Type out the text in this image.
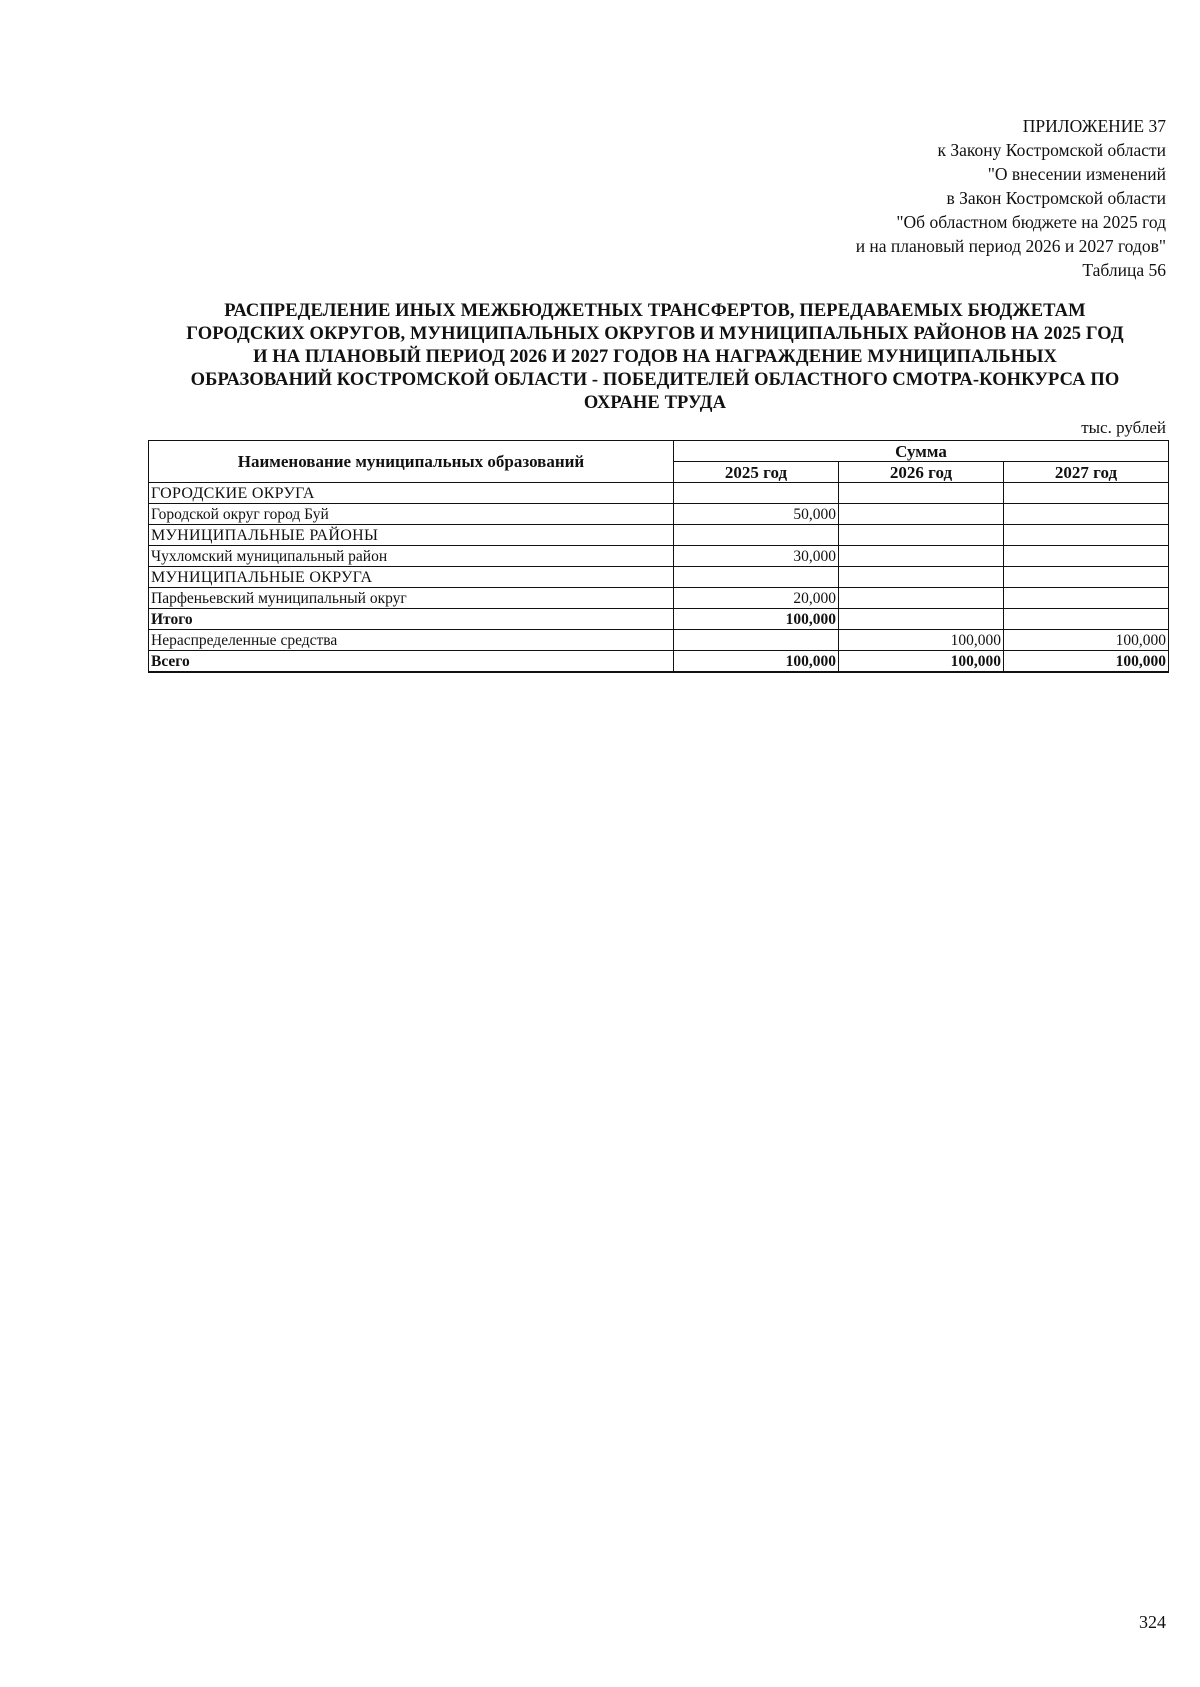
ПРИЛОЖЕНИЕ 37
к Закону Костромской области
"О внесении изменений
в Закон Костромской области
"Об областном бюджете на 2025 год
и на плановый период 2026 и 2027 годов"
Таблица 56
РАСПРЕДЕЛЕНИЕ ИНЫХ МЕЖБЮДЖЕТНЫХ ТРАНСФЕРТОВ, ПЕРЕДАВАЕМЫХ БЮДЖЕТАМ
ГОРОДСКИХ ОКРУГОВ, МУНИЦИПАЛЬНЫХ ОКРУГОВ И МУНИЦИПАЛЬНЫХ РАЙОНОВ НА 2025 ГОД
И НА ПЛАНОВЫЙ ПЕРИОД 2026 И 2027 ГОДОВ НА НАГРАЖДЕНИЕ МУНИЦИПАЛЬНЫХ
ОБРАЗОВАНИЙ КОСТРОМСКОЙ ОБЛАСТИ - ПОБЕДИТЕЛЕЙ ОБЛАСТНОГО СМОТРА-КОНКУРСА ПО
ОХРАНЕ ТРУДА
тыс. рублей
Наименование муниципальных образований	Сумма		
	2025 год	2026 год	2027 год
ГОРОДСКИЕ ОКРУГА			
Городской округ город Буй	50,000		
МУНИЦИПАЛЬНЫЕ РАЙОНЫ			
Чухломский муниципальный район	30,000		
МУНИЦИПАЛЬНЫЕ ОКРУГА			
Парфеньевский муниципальный округ	20,000		
Итого	100,000		
Нераспределенные средства		100,000	100,000
Всего	100,000	100,000	100,000
324
